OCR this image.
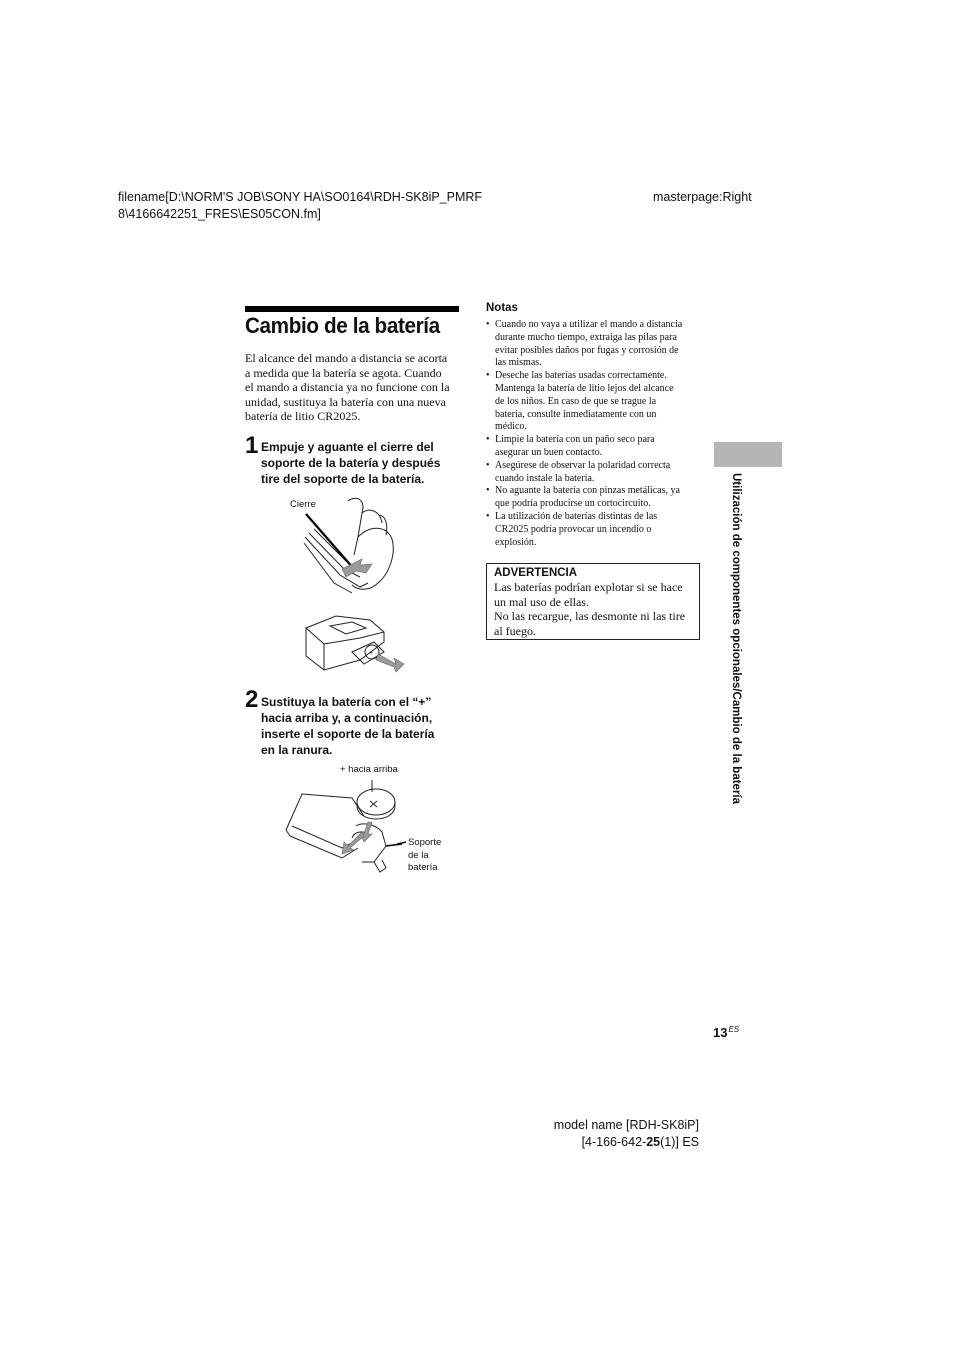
filename[D:\NORM'S JOB\SONY HA\SO0164\RDH-SK8iP_PMRF
8\4166642251_FRES\ES05CON.fm]
masterpage:Right
Cambio de la batería
El alcance del mando a distancia se acorta
a medida que la batería se agota. Cuando
el mando a distancia ya no funcione con la
unidad, sustituya la batería con una nueva
batería de litio CR2025.
1 Empuje y aguante el cierre del
soporte de la batería y después
tire del soporte de la batería.
Cierre
+
2 Sustituya la batería con el “+”
hacia arriba y, a continuación,
inserte el soporte de la batería
en la ranura.
+ hacia arriba
Soporte
de la
batería
Notas
• Cuando no vaya a utilizar el mando a distancia
durante mucho tiempo, extraiga las pilas para
evitar posibles daños por fugas y corrosión de
las mismas.
• Deseche las baterías usadas correctamente.
Mantenga la batería de litio lejos del alcance
de los niños. En caso de que se trague la
batería, consulte inmediatamente con un
médico.
• Limpie la batería con un paño seco para
asegurar un buen contacto.
• Asegúrese de observar la polaridad correcta
cuando instale la batería.
• No aguante la batería con pinzas metálicas, ya
que podría producirse un cortocircuito.
• La utilización de baterías distintas de las
CR2025 podría provocar un incendio o
explosión.
ADVERTENCIA
Las baterías podrían explotar si se hace
un mal uso de ellas.
No las recargue, las desmonte ni las tire
al fuego.	Utilización de componentes opcionales/Cambio de la batería
$13^{ES}$
model name [RDH-SK8iP]
[4-166-642-25(1)] ES
